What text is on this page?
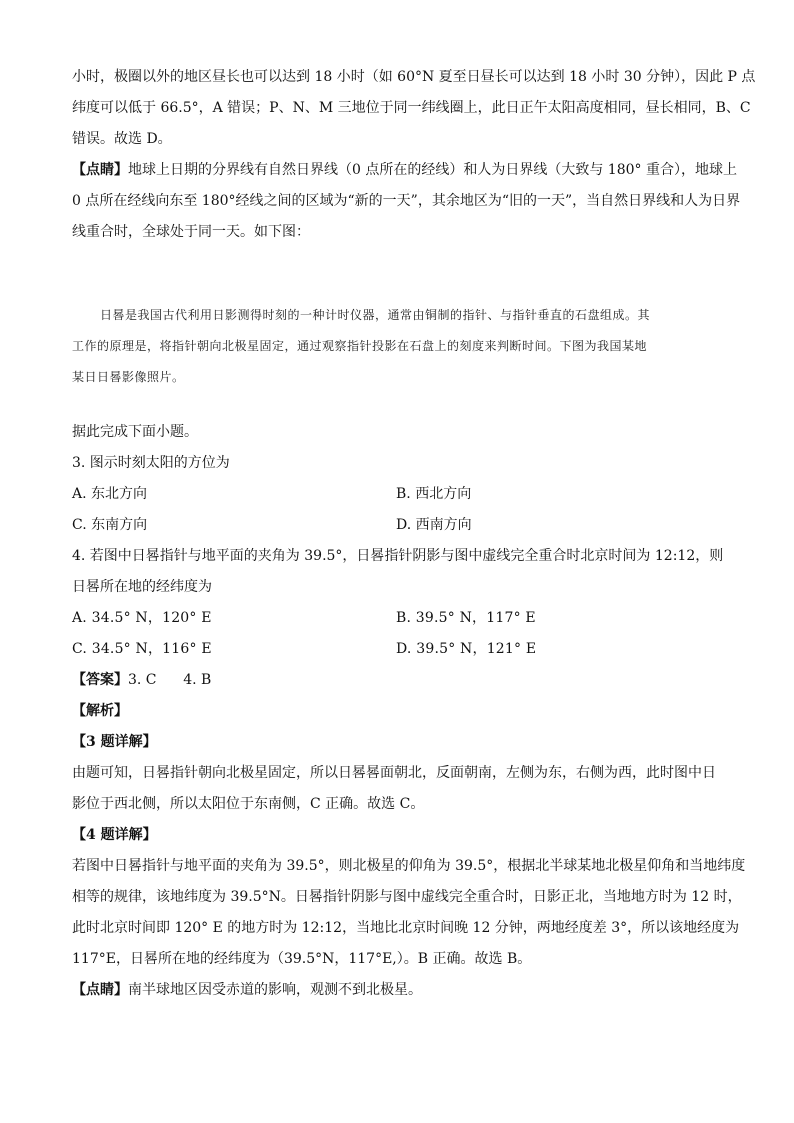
小时，极圈以外的地区昼长也可以达到 18 小时（如 60°N 夏至日昼长可以达到 18 小时 30 分钟），因此 P 点
纬度可以低于 66.5°，A 错误；P、N、M 三地位于同一纬线圈上，此日正午太阳高度相同，昼长相同，B、C
错误。故选 D。
【点睛】地球上日期的分界线有自然日界线（0 点所在的经线）和人为日界线（大致与 180° 重合），地球上
0 点所在经线向东至 180°经线之间的区域为“新的一天”，其余地区为“旧的一天”，当自然日界线和人为日界
线重合时，全球处于同一天。如下图：
日晷是我国古代利用日影测得时刻的一种计时仪器，通常由铜制的指针、与指针垂直的石盘组成。其
工作的原理是，将指针朝向北极星固定，通过观察指针投影在石盘上的刻度来判断时间。下图为我国某地
某日日晷影像照片。

据此完成下面小题。

3. 图示时刻太阳的方位为

A. 东北方向	B. 西北方向
C. 东南方向	D. 西南方向
4. 若图中日晷指针与地平面的夹角为 39.5°，日晷指针阴影与图中虚线完全重合时北京时间为 12:12，则
日晷所在地的经纬度为
A. 34.5° N，120° E	B. 39.5° N，117° E
C. 34.5° N，116° E	D. 39.5° N，121° E

【答案】3. C      4. B

【解析】

【3 题详解】

由题可知，日晷指针朝向北极星固定，所以日晷晷面朝北，反面朝南，左侧为东，右侧为西，此时图中日
影位于西北侧，所以太阳位于东南侧，C 正确。故选 C。

【4 题详解】

若图中日晷指针与地平面的夹角为 39.5°，则北极星的仰角为 39.5°，根据北半球某地北极星仰角和当地纬度
相等的规律，该地纬度为 39.5°N。日晷指针阴影与图中虚线完全重合时，日影正北，当地地方时为 12 时，
此时北京时间即 120° E 的地方时为 12:12，当地比北京时间晚 12 分钟，两地经度差 3°，所以该地经度为
117°E，日晷所在地的经纬度为（39.5°N，117°E,）。B 正确。故选 B。

【点睛】南半球地区因受赤道的影响，观测不到北极星。
